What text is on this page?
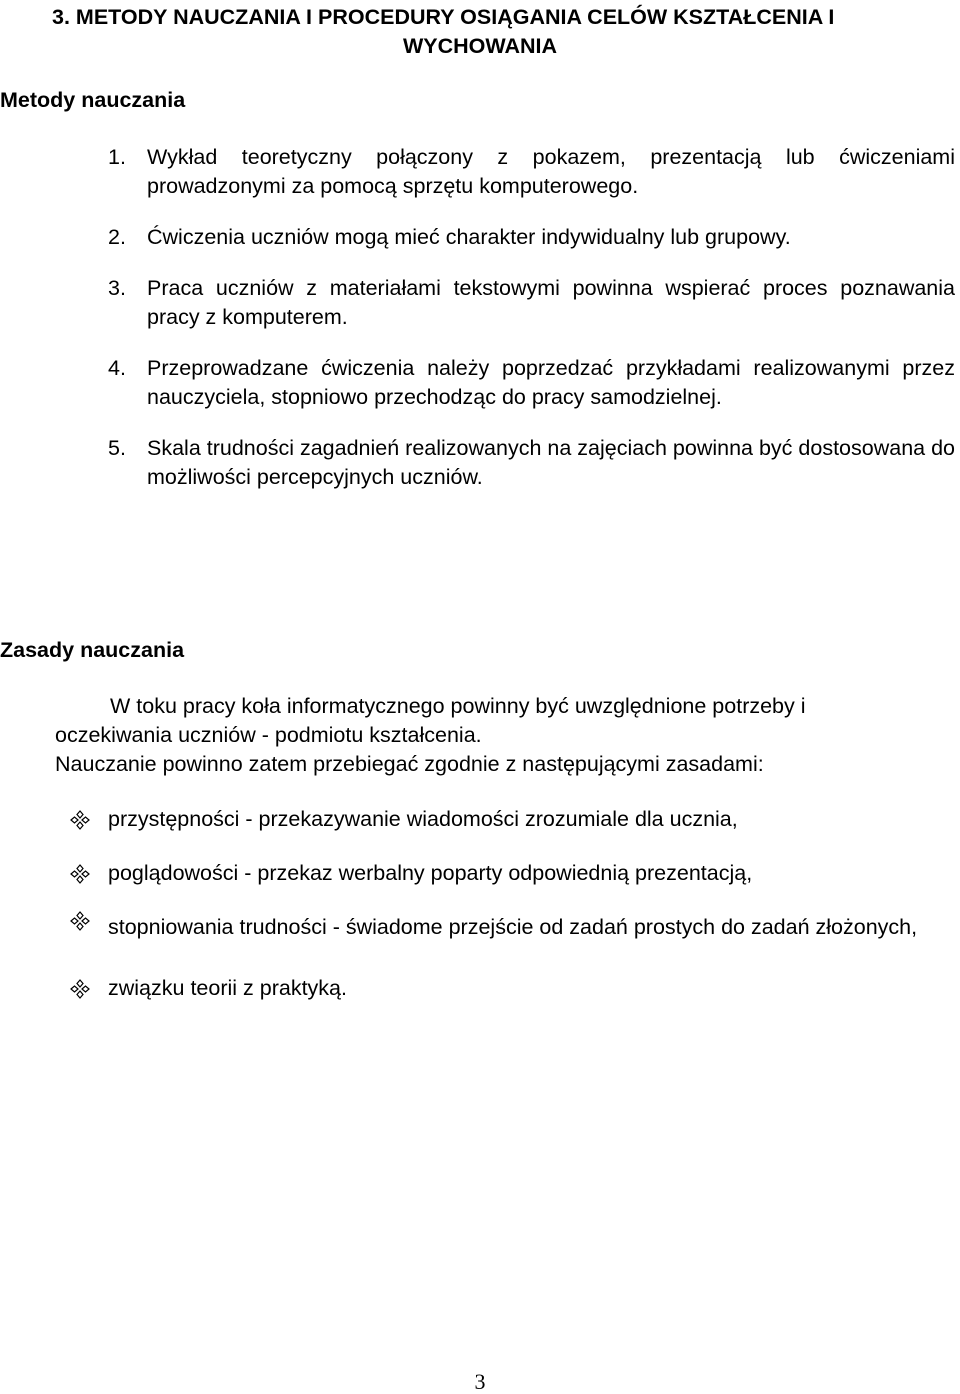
3. METODY NAUCZANIA I PROCEDURY OSIĄGANIA CELÓW KSZTAŁCENIA I
WYCHOWANIA
Metody nauczania
1. Wykład teoretyczny połączony z pokazem, prezentacją lub ćwiczeniami prowadzonymi za pomocą sprzętu komputerowego.
2. Ćwiczenia uczniów mogą mieć charakter indywidualny lub grupowy.
3. Praca uczniów z materiałami tekstowymi powinna wspierać proces poznawania pracy z komputerem.
4. Przeprowadzane ćwiczenia należy poprzedzać przykładami realizowanymi przez nauczyciela, stopniowo przechodząc do pracy samodzielnej.
5. Skala trudności zagadnień realizowanych na zajęciach powinna być dostosowana do możliwości percepcyjnych uczniów.
Zasady nauczania

W toku pracy koła informatycznego powinny być uwzględnione potrzeby i oczekiwania uczniów - podmiotu kształcenia.

Nauczanie powinno zatem przebiegać zgodnie z następującymi zasadami:

przystępności - przekazywanie wiadomości zrozumiale dla ucznia,
poglądowości - przekaz werbalny poparty odpowiednią prezentacją,
stopniowania trudności - świadome przejście od zadań prostych do zadań złożonych,
związku teorii z praktyką.

3
